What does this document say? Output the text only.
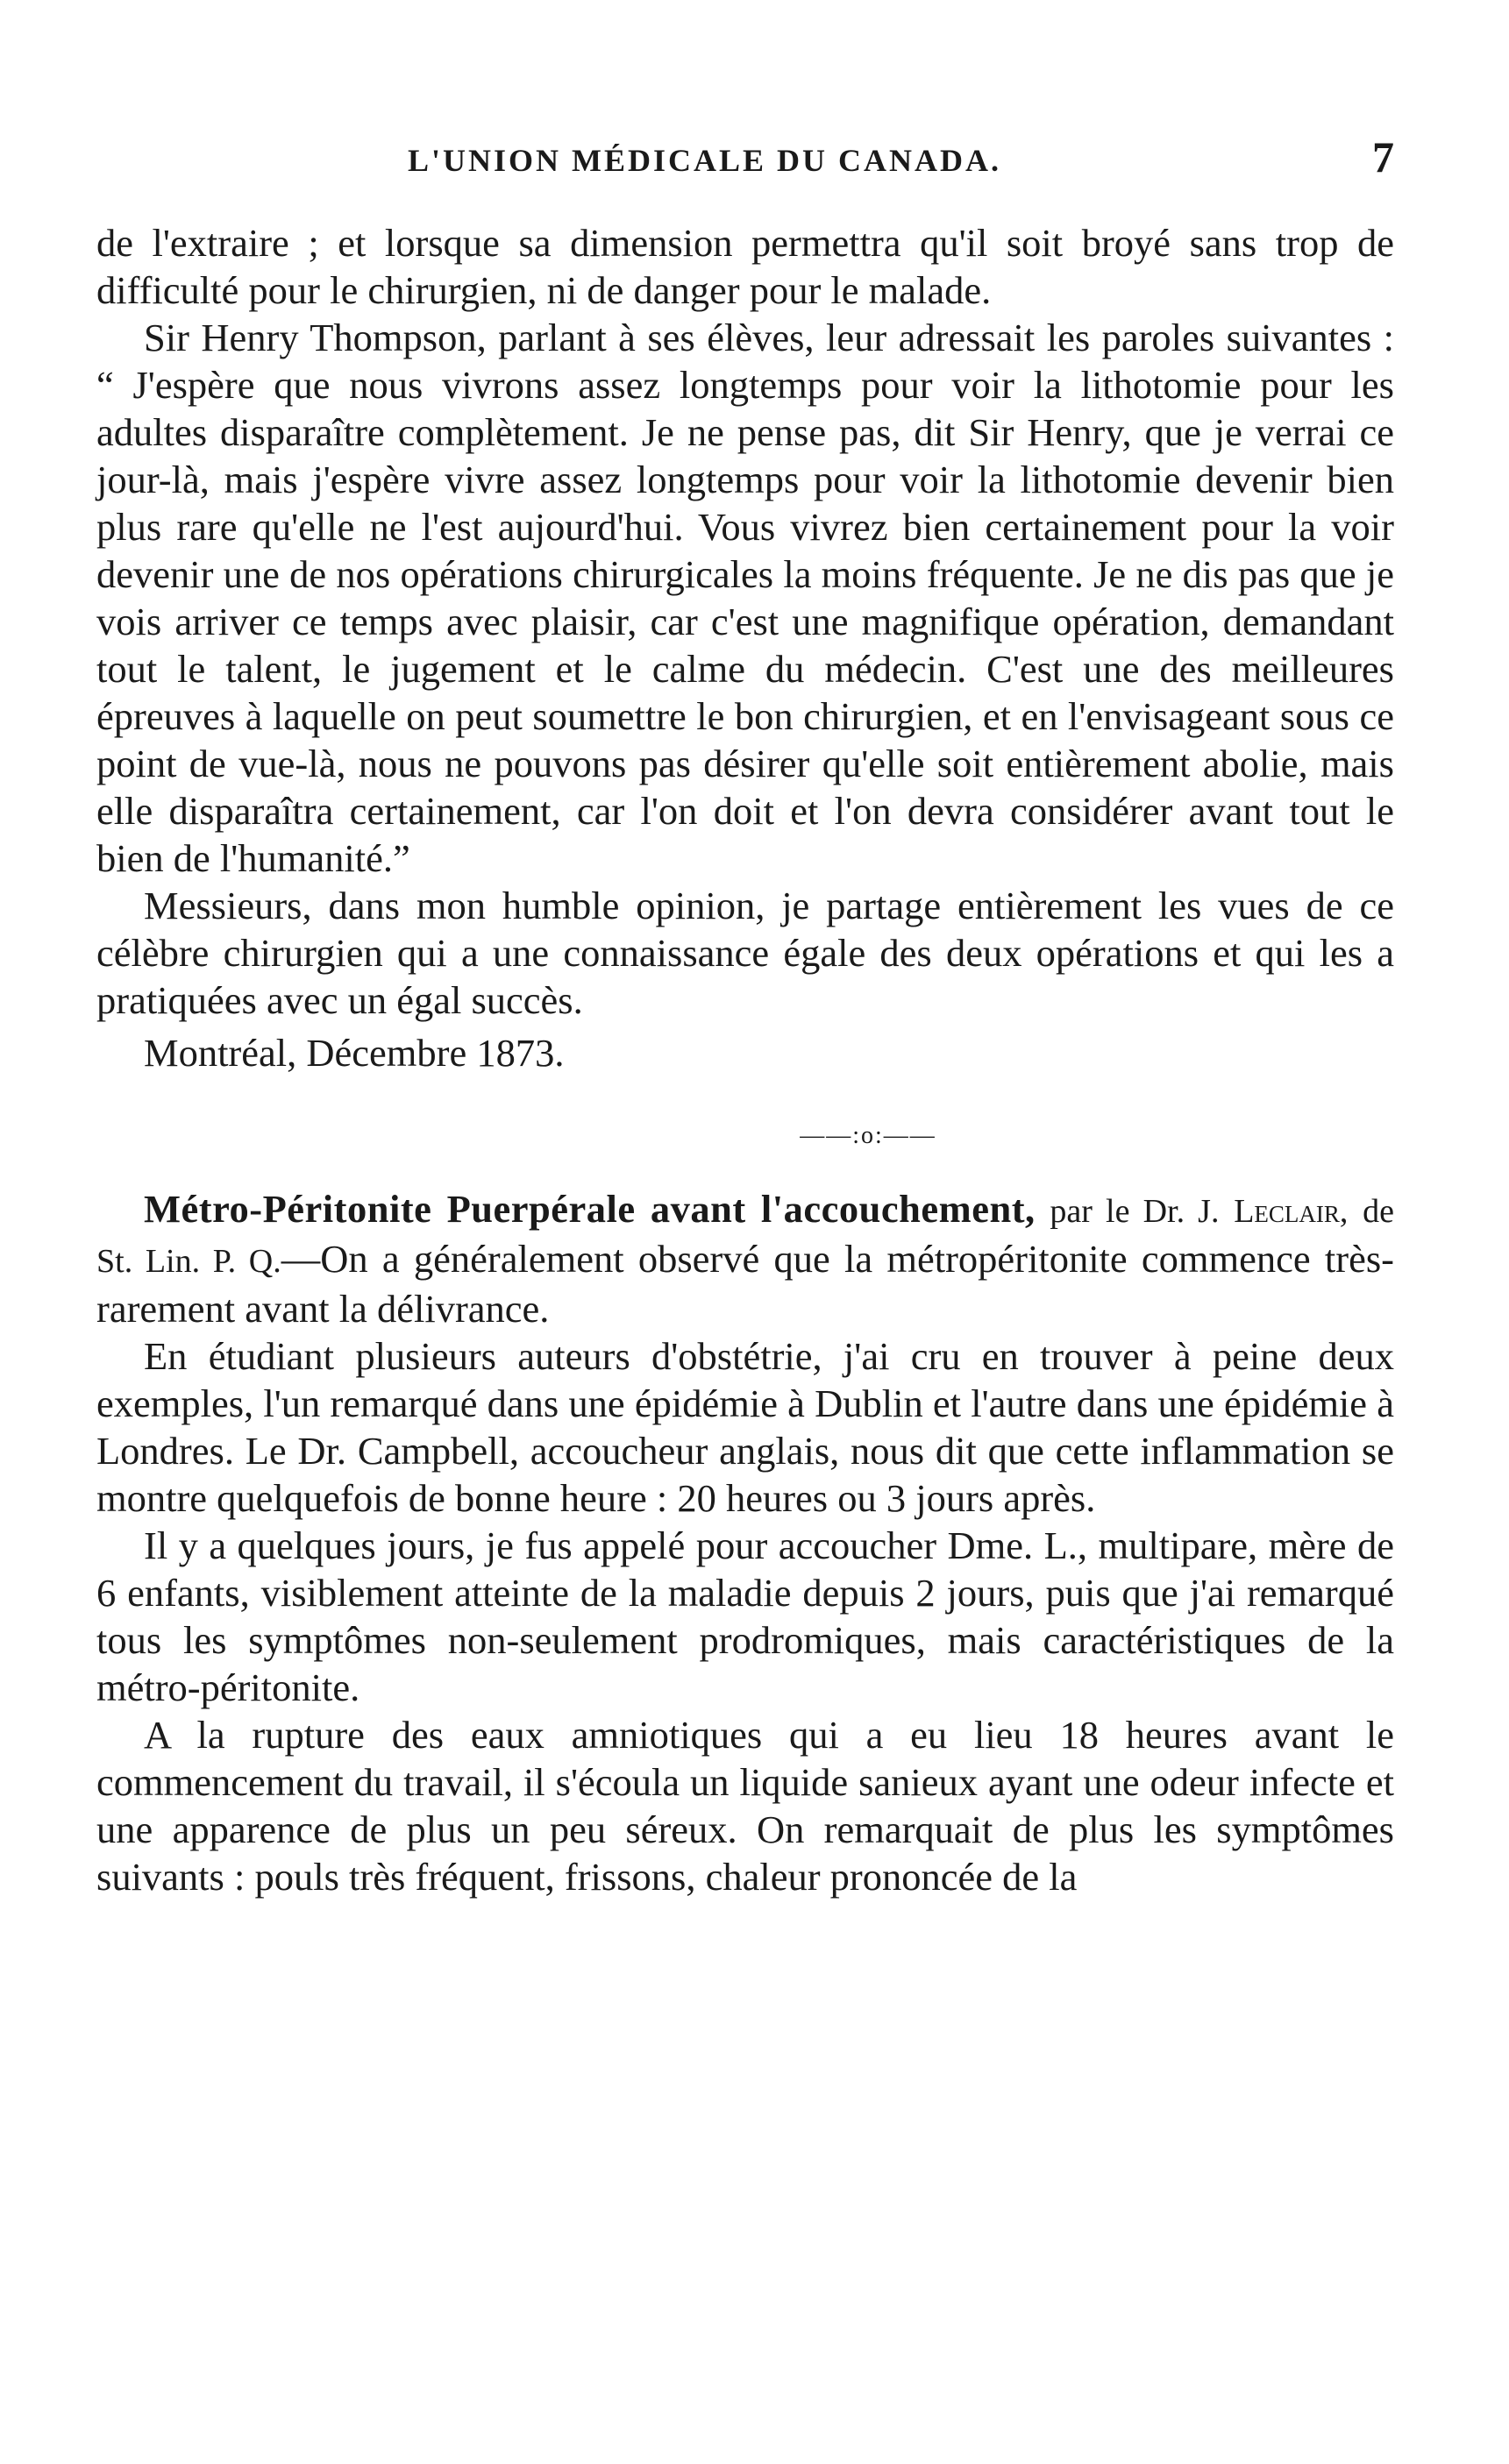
L'UNION MÉDICALE DU CANADA.	7

de l'extraire ; et lorsque sa dimension permettra qu'il soit broyé sans trop de difficulté pour le chirurgien, ni de danger pour le malade.

Sir Henry Thompson, parlant à ses élèves, leur adressait les paroles suivantes : “ J'espère que nous vivrons assez longtemps pour voir la lithotomie pour les adultes disparaître complètement. Je ne pense pas, dit Sir Henry, que je verrai ce jour-là, mais j'espère vivre assez longtemps pour voir la lithotomie devenir bien plus rare qu'elle ne l'est aujourd'hui. Vous vivrez bien certainement pour la voir devenir une de nos opérations chirurgicales la moins fréquente. Je ne dis pas que je vois arriver ce temps avec plaisir, car c'est une magnifique opération, demandant tout le talent, le jugement et le calme du médecin. C'est une des meilleures épreuves à laquelle on peut soumettre le bon chirurgien, et en l'envisageant sous ce point de vue-là, nous ne pouvons pas désirer qu'elle soit entièrement abolie, mais elle disparaîtra certainement, car l'on doit et l'on devra considérer avant tout le bien de l'humanité.”

Messieurs, dans mon humble opinion, je partage entièrement les vues de ce célèbre chirurgien qui a une connaissance égale des deux opérations et qui les a pratiquées avec un égal succès.

Montréal, Décembre 1873.

——:o:——

Métro-Péritonite Puerpérale avant l'accouchement, par le Dr. J. Leclair, de St. Lin. P. Q.—On a généralement observé que la métropéritonite commence très-rarement avant la délivrance.

En étudiant plusieurs auteurs d'obstétrie, j'ai cru en trouver à peine deux exemples, l'un remarqué dans une épidémie à Dublin et l'autre dans une épidémie à Londres. Le Dr. Campbell, accoucheur anglais, nous dit que cette inflammation se montre quelquefois de bonne heure : 20 heures ou 3 jours après.

Il y a quelques jours, je fus appelé pour accoucher Dme. L., multipare, mère de 6 enfants, visiblement atteinte de la maladie depuis 2 jours, puis que j'ai remarqué tous les symptômes non-seulement prodromiques, mais caractéristiques de la métro-péritonite.

A la rupture des eaux amniotiques qui a eu lieu 18 heures avant le commencement du travail, il s'écoula un liquide sanieux ayant une odeur infecte et une apparence de plus un peu séreux. On remarquait de plus les symptômes suivants : pouls très fréquent, frissons, chaleur prononcée de la
